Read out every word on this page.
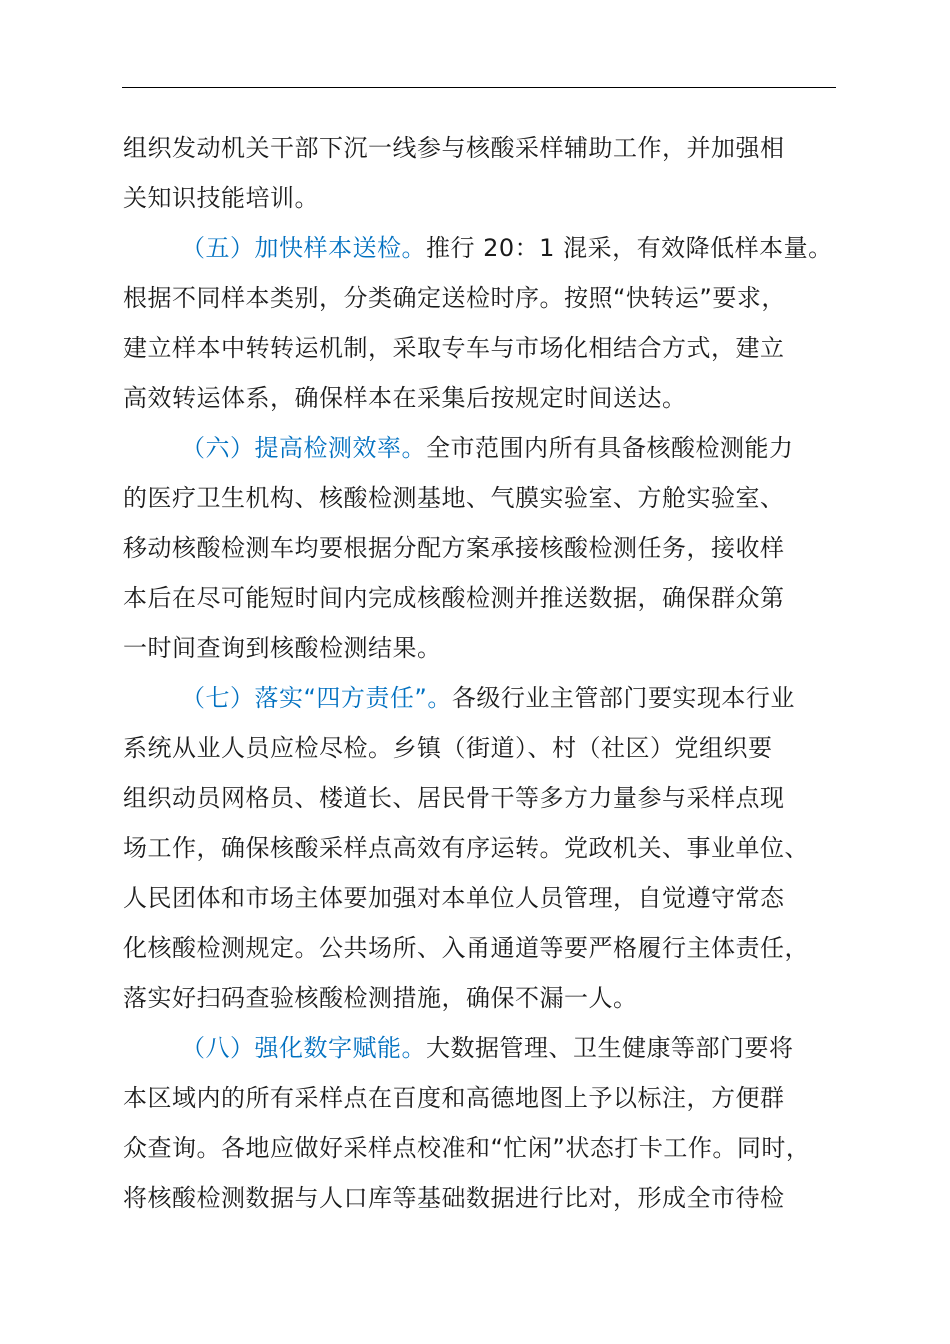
组织发动机关干部下沉一线参与核酸采样辅助工作，并加强相
关知识技能培训。
（五）加快样本送检。推行 20：1 混采，有效降低样本量。
根据不同样本类别，分类确定送检时序。按照“快转运”要求，
建立样本中转转运机制，采取专车与市场化相结合方式，建立
高效转运体系，确保样本在采集后按规定时间送达。
（六）提高检测效率。全市范围内所有具备核酸检测能力
的医疗卫生机构、核酸检测基地、气膜实验室、方舱实验室、
移动核酸检测车均要根据分配方案承接核酸检测任务，接收样
本后在尽可能短时间内完成核酸检测并推送数据，确保群众第
一时间查询到核酸检测结果。
（七）落实“四方责任”。各级行业主管部门要实现本行业
系统从业人员应检尽检。乡镇（街道）、村（社区）党组织要
组织动员网格员、楼道长、居民骨干等多方力量参与采样点现
场工作，确保核酸采样点高效有序运转。党政机关、事业单位、
人民团体和市场主体要加强对本单位人员管理，自觉遵守常态
化核酸检测规定。公共场所、入甬通道等要严格履行主体责任，
落实好扫码查验核酸检测措施，确保不漏一人。
（八）强化数字赋能。大数据管理、卫生健康等部门要将
本区域内的所有采样点在百度和高德地图上予以标注，方便群
众查询。各地应做好采样点校准和“忙闲”状态打卡工作。同时，
将核酸检测数据与人口库等基础数据进行比对，形成全市待检
